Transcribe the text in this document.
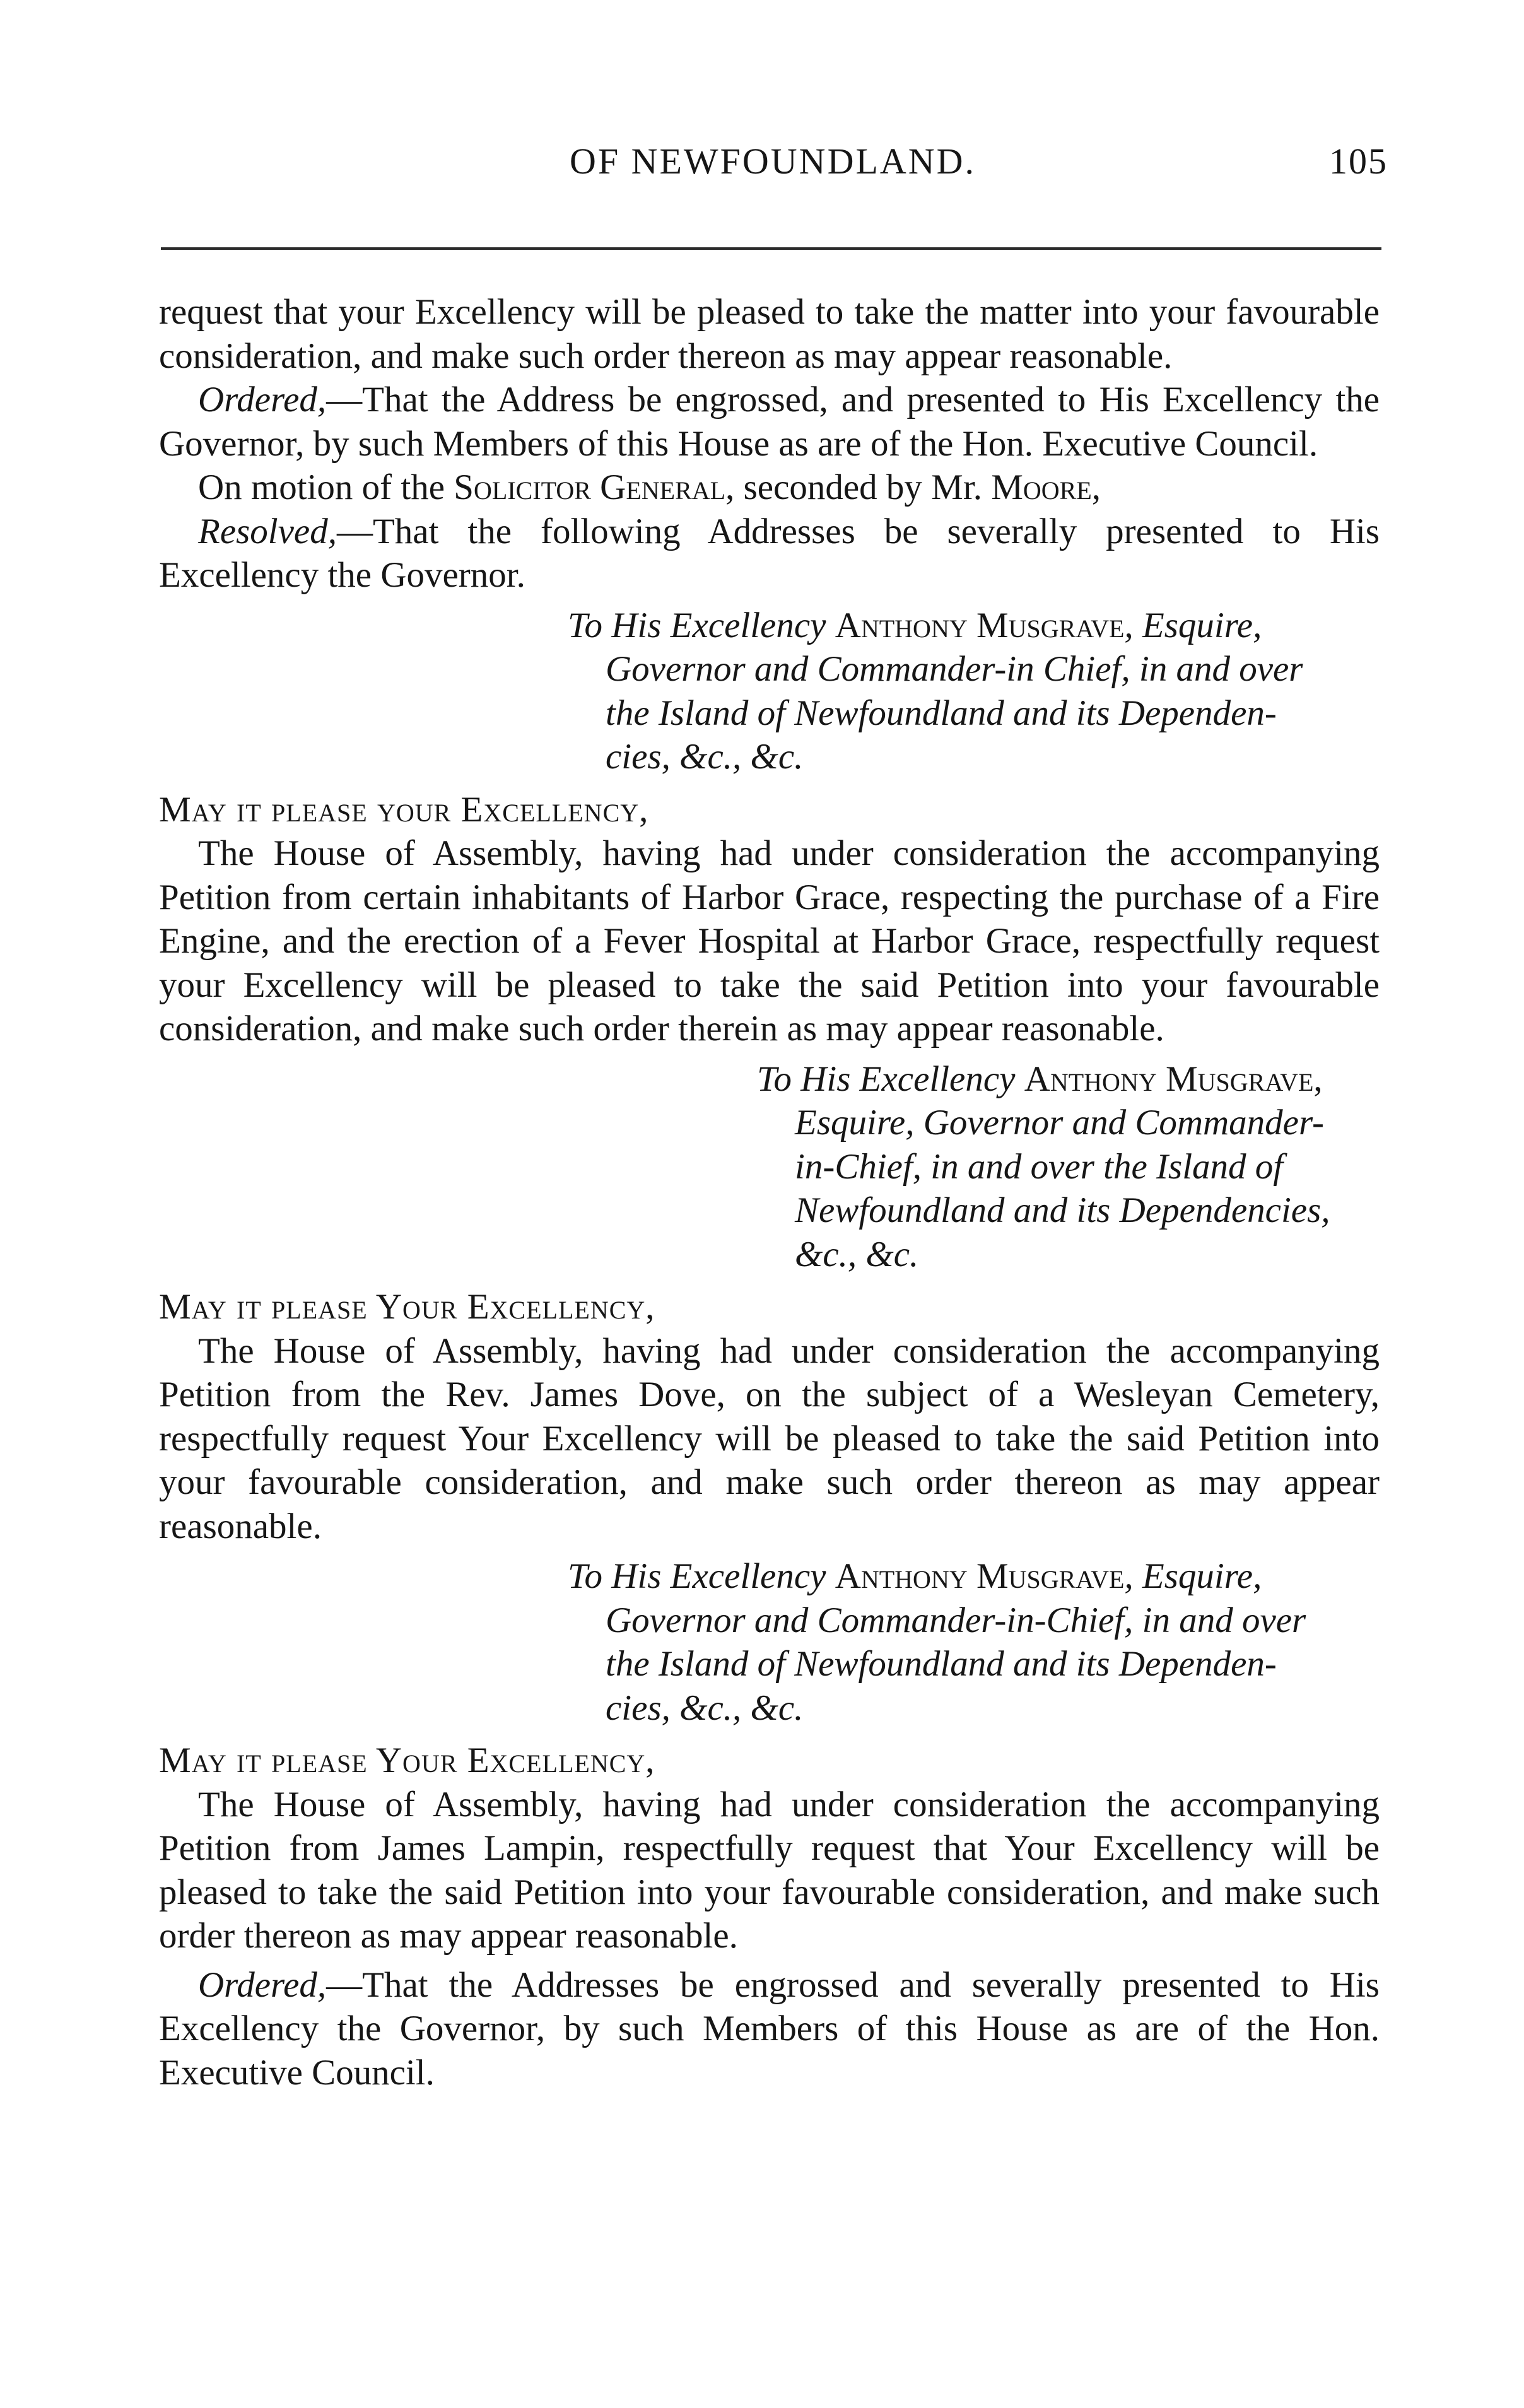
OF NEWFOUNDLAND.	105

request that your Excellency will be pleased to take the matter into your favourable consideration, and make such order thereon as may appear reasonable.

Ordered,—That the Address be engrossed, and presented to His Excellency the Governor, by such Members of this House as are of the Hon. Executive Council.

On motion of the Solicitor General, seconded by Mr. Moore,

Resolved,—That the following Addresses be severally presented to His Excellency the Governor.

To His Excellency Anthony Musgrave, Esquire,
Governor and Commander-in Chief, in and over
the Island of Newfoundland and its Dependen-
cies, &c., &c.

May it please your Excellency,

The House of Assembly, having had under consideration the accompanying Petition from certain inhabitants of Harbor Grace, respecting the purchase of a Fire Engine, and the erection of a Fever Hospital at Harbor Grace, respectfully request your Excellency will be pleased to take the said Petition into your favourable consideration, and make such order therein as may appear reasonable.

To His Excellency Anthony Musgrave,
Esquire, Governor and Commander-
in-Chief, in and over the Island of
Newfoundland and its Dependencies,
&c., &c.

May it please Your Excellency,

The House of Assembly, having had under consideration the accompanying Petition from the Rev. James Dove, on the subject of a Wesleyan Cemetery, respectfully request Your Excellency will be pleased to take the said Petition into your favourable consideration, and make such order thereon as may appear reasonable.

To His Excellency Anthony Musgrave, Esquire,
Governor and Commander-in-Chief, in and over
the Island of Newfoundland and its Dependen-
cies, &c., &c.

May it please Your Excellency,

The House of Assembly, having had under consideration the accompanying Petition from James Lampin, respectfully request that Your Excellency will be pleased to take the said Petition into your favourable consideration, and make such order thereon as may appear reasonable.

Ordered,—That the Addresses be engrossed and severally presented to His Excellency the Governor, by such Members of this House as are of the Hon. Executive Council.
